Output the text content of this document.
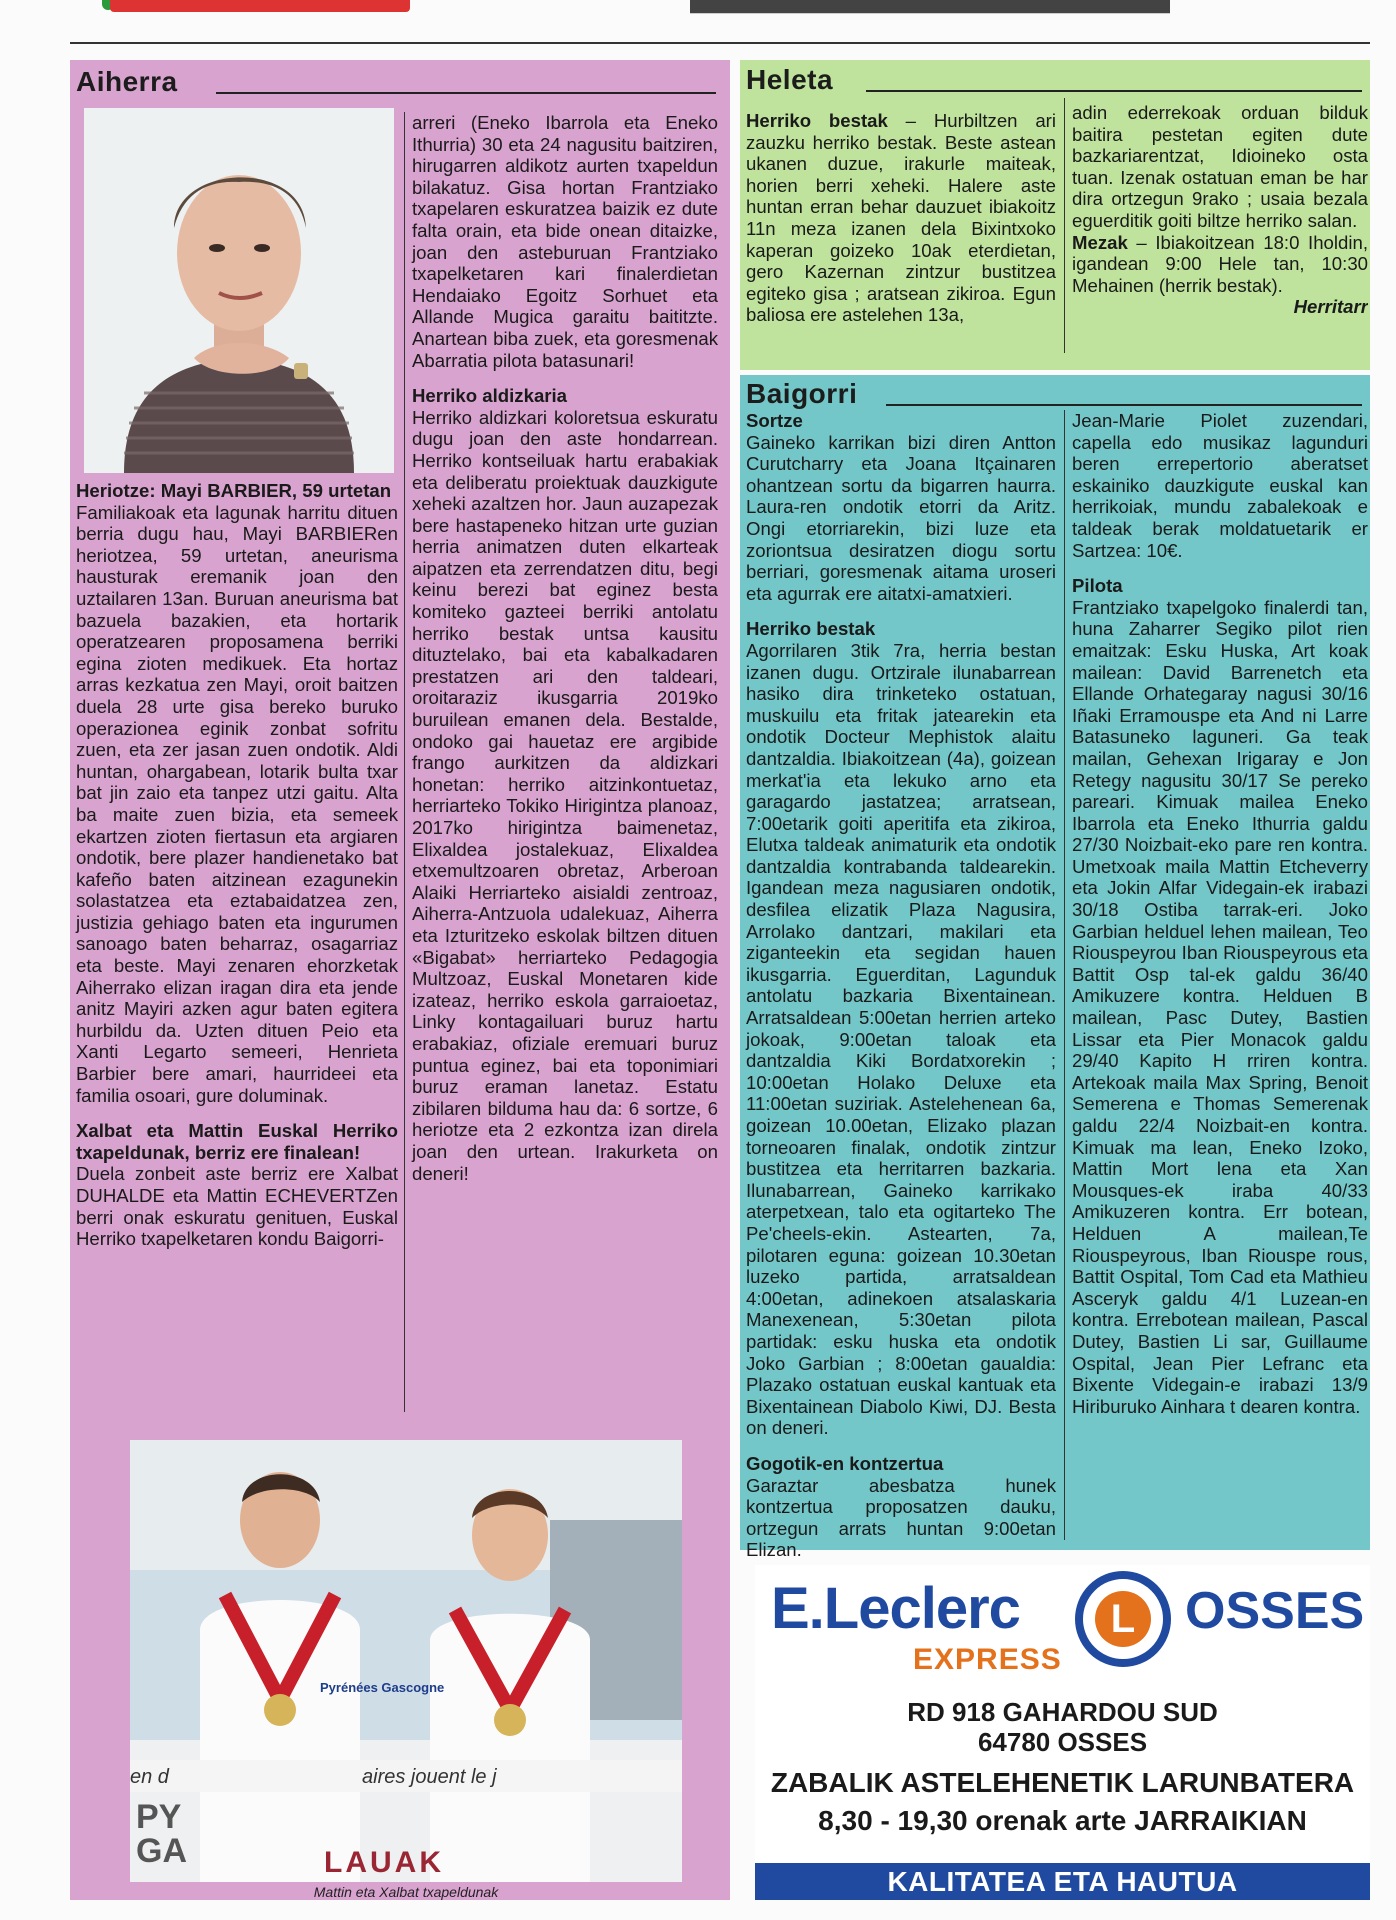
Aiherra

Heriotze: Mayi BARBIER, 59 urtetan

Familiakoak eta lagunak harritu dituen berria dugu hau, Mayi BARBIERen heriotzea, 59 urtetan, aneurisma hausturak eremanik joan den uztailaren 13an. Buruan aneurisma bat bazuela bazakien, eta hortarik operatzearen proposamena berriki egina zioten medikuek. Eta hortaz arras kezkatua zen Mayi, oroit baitzen duela 28 urte gisa bereko buruko operazionea eginik zonbat sofritu zuen, eta zer jasan zuen ondotik. Aldi huntan, ohargabean, lotarik bulta txar bat jin zaio eta tanpez utzi gaitu. Alta ba maite zuen bizia, eta semeek ekartzen zioten fiertasun eta argiaren ondotik, bere plazer handienetako bat kafeño baten aitzinean ezagunekin solastatzea eta eztabaidatzea zen, justizia gehiago baten eta ingurumen sanoago baten beharraz, osagarriaz eta beste. Mayi zenaren ehorzketak Aiherrako elizan iragan dira eta jende anitz Mayiri azken agur baten egitera hurbildu da. Uzten dituen Peio eta Xanti Legarto semeeri, Henrieta Barbier bere amari, haurrideei eta familia osoari, gure doluminak.

Xalbat eta Mattin Euskal Herriko txapeldunak, berriz ere finalean!

Duela zonbeit aste berriz ere Xalbat DUHALDE eta Mattin ECHEVERTZen berri onak eskuratu genituen, Euskal Herriko txapelketaren kondu Baigorri-

arreri (Eneko Ibarrola eta Eneko Ithurria) 30 eta 24 nagusitu baitziren, hirugarren aldikotz aurten txapeldun bilakatuz. Gisa hortan Frantziako txapelaren eskuratzea baizik ez dute falta orain, eta bide onean ditaizke, joan den asteburuan Frantziako txapelketaren kari finalerdietan Hendaiako Egoitz Sorhuet eta Allande Mugica garaitu baititzte. Anartean biba zuek, eta goresmenak Abarratia pilota batasunari!

Herriko aldizkaria

Herriko aldizkari koloretsua eskuratu dugu joan den aste hondarrean. Herriko kontseiluak hartu erabakiak eta deliberatu proiektuak dauzkigute xeheki azaltzen hor. Jaun auzapezak bere hastapeneko hitzan urte guzian herria animatzen duten elkarteak aipatzen eta zerrendatzen ditu, begi keinu berezi bat eginez besta komiteko gazteei berriki antolatu herriko bestak untsa kausitu dituztelako, bai eta kabalkadaren prestatzen ari den taldeari, oroitaraziz ikusgarria 2019ko buruilean emanen dela. Bestalde, ondoko gai hauetaz ere argibide frango aurkitzen da aldizkari honetan: herriko aitzinkontuetaz, herriarteko Tokiko Hirigintza planoaz, 2017ko hirigintza baimenetaz, Elixaldea jostalekuaz, Elixaldea etxemultzoaren obretaz, Arberoan Alaiki Herriarteko aisialdi zentroaz, Aiherra-Antzuola udalekuaz, Aiherra eta Izturitzeko eskolak biltzen dituen «Bigabat» herriarteko Pedagogia Multzoaz, Euskal Monetaren kide izateaz, herriko eskola garraioetaz, Linky kontagailuari buruz hartu erabakiaz, ofiziale eremuari buruz puntua eginez, bai eta toponimiari buruz eraman lanetaz. Estatu zibilaren bilduma hau da: 6 sortze, 6 heriotze eta 2 ezkontza izan direla joan den urtean. Irakurketa on deneri!

Pyrénées Gascogne
en d	aires jouent le j
PY
GA	LAUAK
Mattin eta Xalbat txapeldunak
Heleta

Herriko bestak – Hurbiltzen ari zauzku herriko bestak. Beste astean ukanen duzue, irakurle maiteak, horien berri xeheki. Halere aste huntan erran behar dauzuet ibiakoitz 11n meza izanen dela Bixintxoko kaperan goizeko 10ak eterdietan, gero Kazernan zintzur bustitzea egiteko gisa ; aratsean zikiroa. Egun baliosa ere astelehen 13a,

adin ederrekoak orduan bilduk baitira pestetan egiten dute bazkariarentzat, Idioineko osta tuan. Izenak ostatuan eman be har dira ortzegun 9rako ; usaia bezala eguerditik goiti biltze herriko salan.

Mezak – Ibiakoitzean 18:0 Iholdin, igandean 9:00 Hele tan, 10:30 Mehainen (herrik bestak).

Herritarr

Baigorri

Sortze

Gaineko karrikan bizi diren Antton Curutcharry eta Joana Itçainaren ohantzean sortu da bigarren haurra. Laura-ren ondotik etorri da Aritz. Ongi etorriarekin, bizi luze eta zoriontsua desiratzen diogu sortu berriari, goresmenak aitama uroseri eta agurrak ere aitatxi-amatxieri.

Herriko bestak

Agorrilaren 3tik 7ra, herria bestan izanen dugu. Ortzirale ilunabarrean hasiko dira trinketeko ostatuan, muskuilu eta fritak jatearekin eta ondotik Docteur Mephistok alaitu dantzaldia. Ibiakoitzean (4a), goizean merkat'ia eta lekuko arno eta garagardo jastatzea; arratsean, 7:00etarik goiti aperitifa eta zikiroa, Elutxa taldeak animaturik eta ondotik dantzaldia kontrabanda taldearekin. Igandean meza nagusiaren ondotik, desfilea elizatik Plaza Nagusira, Arrolako dantzari, makilari eta ziganteekin eta segidan hauen ikusgarria. Eguerditan, Lagunduk antolatu bazkaria Bixentainean. Arratsaldean 5:00etan herrien arteko jokoak, 9:00etan taloak eta dantzaldia Kiki Bordatxorekin ; 10:00etan Holako Deluxe eta 11:00etan suziriak. Astelehenean 6a, goizean 10.00etan, Elizako plazan torneoaren finalak, ondotik zintzur bustitzea eta herritarren bazkaria. Ilunabarrean, Gaineko karrikako aterpetxean, talo eta ogitarteko The Pe'cheels-ekin. Astearten, 7a, pilotaren eguna: goizean 10.30etan luzeko partida, arratsaldean 4:00etan, adinekoen atsalaskaria Manexenean, 5:30etan pilota partidak: esku huska eta ondotik Joko Garbian ; 8:00etan gaualdia: Plazako ostatuan euskal kantuak eta Bixentainean Diabolo Kiwi, DJ. Besta on deneri.

Gogotik-en kontzertua

Garaztar abesbatza hunek kontzertua proposatzen dauku, ortzegun arrats huntan 9:00etan Elizan.

Jean-Marie Piolet zuzendari, capella edo musikaz lagunduri beren errepertorio aberatset eskainiko dauzkigute euskal kan herrikoiak, mundu zabalekoak e taldeak berak moldatuetarik er Sartzea: 10€.

Pilota

Frantziako txapelgoko finalerdi tan, huna Zaharrer Segiko pilot rien emaitzak: Esku Huska, Art koak mailean: David Barrenetch eta Ellande Orhategaray nagusi 30/16 Iñaki Erramouspe eta And ni Larre Batasuneko laguneri. Ga teak mailan, Gehexan Irigaray e Jon Retegy nagusitu 30/17 Se pereko pareari. Kimuak mailea Eneko Ibarrola eta Eneko Ithurria galdu 27/30 Noizbait-eko pare ren kontra. Umetxoak maila Mattin Etcheverry eta Jokin Alfar Videgain-ek irabazi 30/18 Ostiba tarrak-eri. Joko Garbian helduel lehen mailean, Teo Riouspeyrou Iban Riouspeyrous eta Battit Osp tal-ek galdu 36/40 Amikuzere kontra. Helduen B mailean, Pasc Dutey, Bastien Lissar eta Pier Monacok galdu 29/40 Kapito H rriren kontra. Artekoak maila Max Spring, Benoit Semerena e Thomas Semerenak galdu 22/4 Noizbait-en kontra. Kimuak ma lean, Eneko Izoko, Mattin Mort lena eta Xan Mousques-ek iraba 40/33 Amikuzeren kontra. Err botean, Helduen A mailean,Te Riouspeyrous, Iban Riouspe rous, Battit Ospital, Tom Cad eta Mathieu Asceryk galdu 4/1 Luzean-en kontra. Errebotean mailean, Pascal Dutey, Bastien Li sar, Guillaume Ospital, Jean Pier Lefranc eta Bixente Videgain-e irabazi 13/9 Hiriburuko Ainhara t dearen kontra.

E.Leclerc	L OSSES
EXPRESS
RD 918 GAHARDOU SUD
64780 OSSES
ZABALIK ASTELEHENETIK LARUNBATERA
8,30 - 19,30 orenak arte JARRAIKIAN
KALITATEA ETA HAUTUA
